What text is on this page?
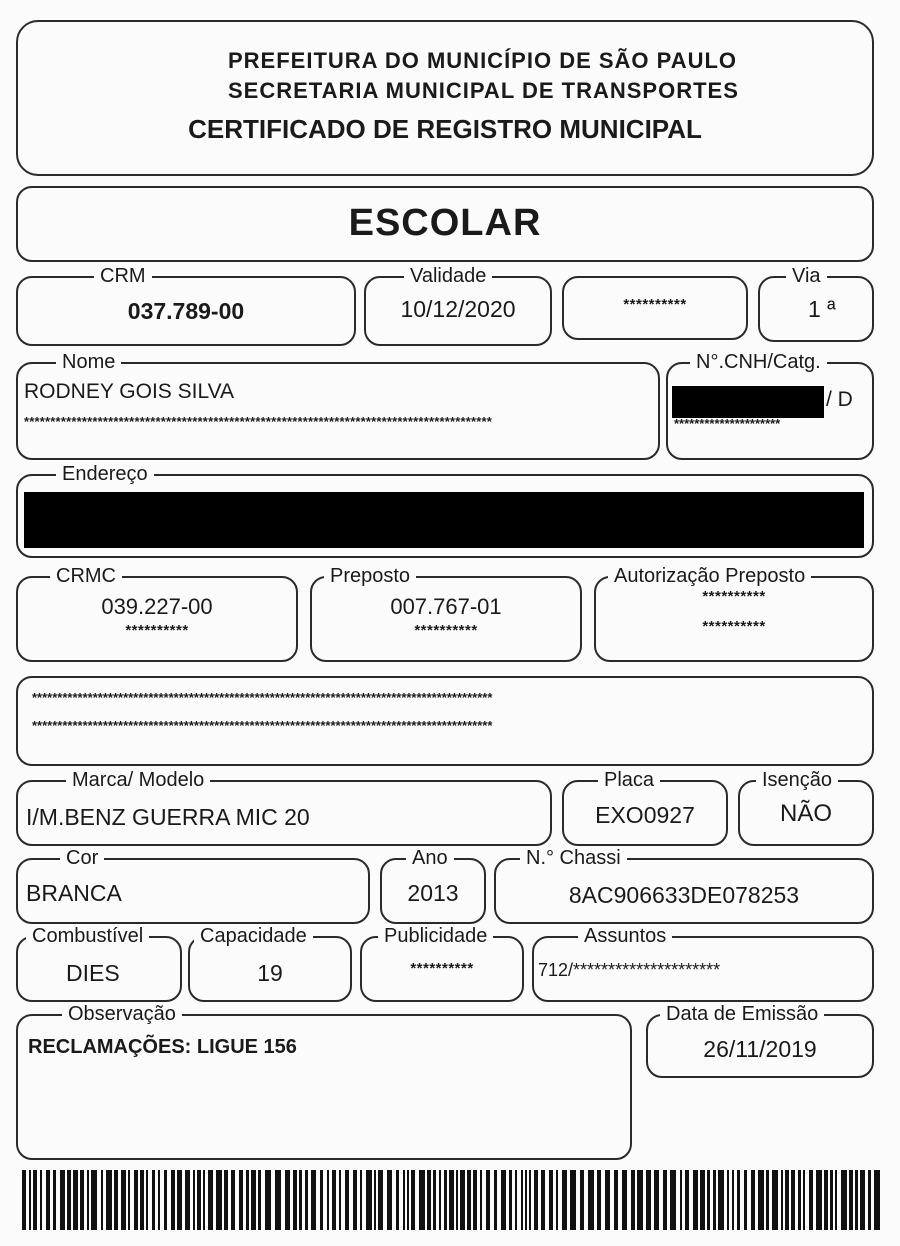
PREFEITURA DO MUNICÍPIO DE SÃO PAULO
SECRETARIA MUNICIPAL DE TRANSPORTES
CERTIFICADO DE REGISTRO MUNICIPAL
ESCOLAR
CRM
037.789-00
Validade
10/12/2020	**********
Via
1 ª
Nome
RODNEY GOIS SILVA
*****************************************************************************************
N°.CNH/Catg.
/ D
*********************
Endereço
CRMC
039.227-00
**********
Preposto
007.767-01
**********
Autorização Preposto
**********
**********
*******************************************************************************************
*******************************************************************************************
Marca/ Modelo
I/M.BENZ GUERRA MIC 20
Placa
EXO0927
Isenção
NÃO
Cor
BRANCA
Ano
2013
N.° Chassi
8AC906633DE078253
Combustível
DIES
Capacidade
19
Publicidade
**********
Assuntos
712/*********************
Observação
RECLAMAÇÕES: LIGUE 156
Data de Emissão
26/11/2019
